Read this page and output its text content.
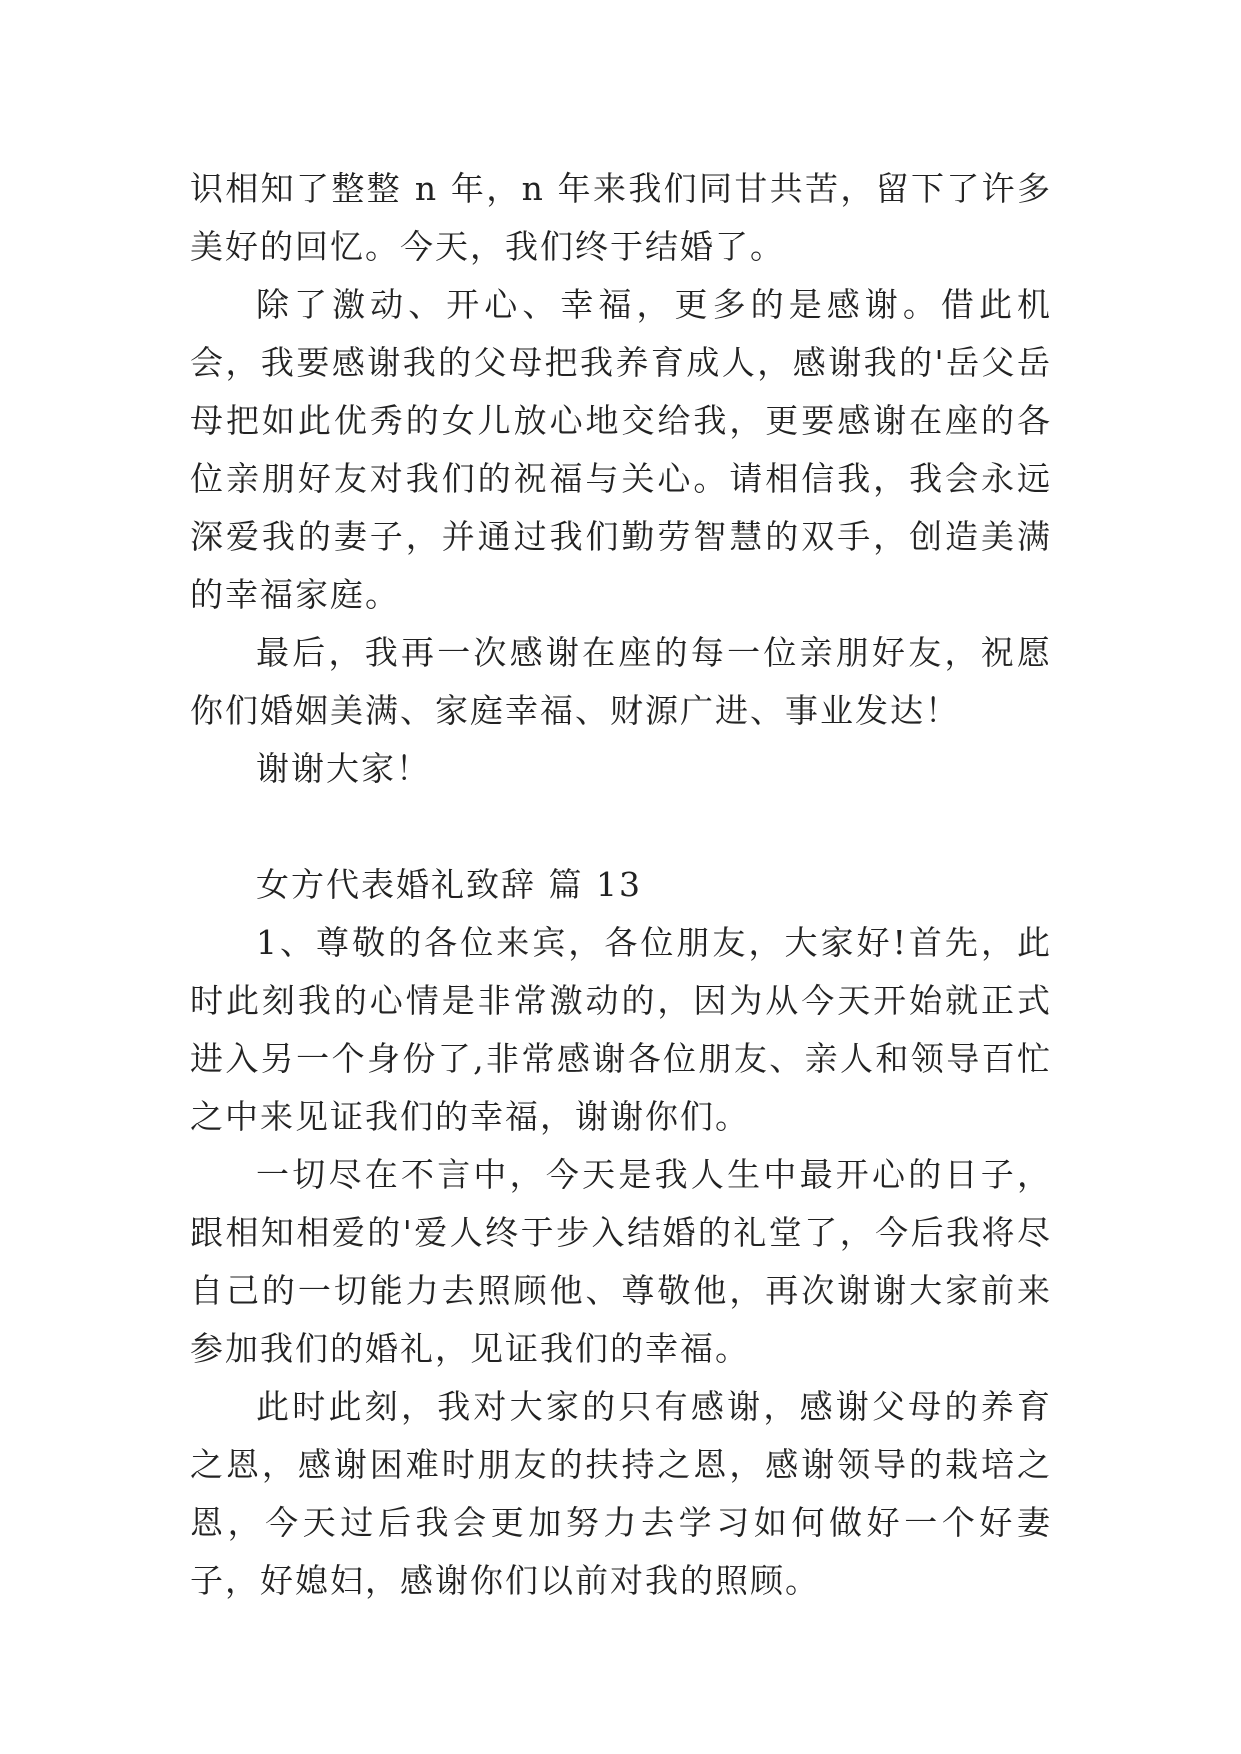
识相知了整整 n 年，n 年来我们同甘共苦，留下了许多美好的回忆。今天，我们终于结婚了。

除了激动、开心、幸福，更多的是感谢。借此机会，我要感谢我的父母把我养育成人，感谢我的'岳父岳母把如此优秀的女儿放心地交给我，更要感谢在座的各位亲朋好友对我们的祝福与关心。请相信我，我会永远深爱我的妻子，并通过我们勤劳智慧的双手，创造美满的幸福家庭。

最后，我再一次感谢在座的每一位亲朋好友，祝愿你们婚姻美满、家庭幸福、财源广进、事业发达！

谢谢大家！

女方代表婚礼致辞 篇 13

1、尊敬的各位来宾，各位朋友，大家好!首先，此时此刻我的心情是非常激动的，因为从今天开始就正式进入另一个身份了,非常感谢各位朋友、亲人和领导百忙之中来见证我们的幸福，谢谢你们。

一切尽在不言中，今天是我人生中最开心的日子，跟相知相爱的'爱人终于步入结婚的礼堂了，今后我将尽自己的一切能力去照顾他、尊敬他，再次谢谢大家前来参加我们的婚礼，见证我们的幸福。

此时此刻，我对大家的只有感谢，感谢父母的养育之恩，感谢困难时朋友的扶持之恩，感谢领导的栽培之恩，今天过后我会更加努力去学习如何做好一个好妻子，好媳妇，感谢你们以前对我的照顾。
